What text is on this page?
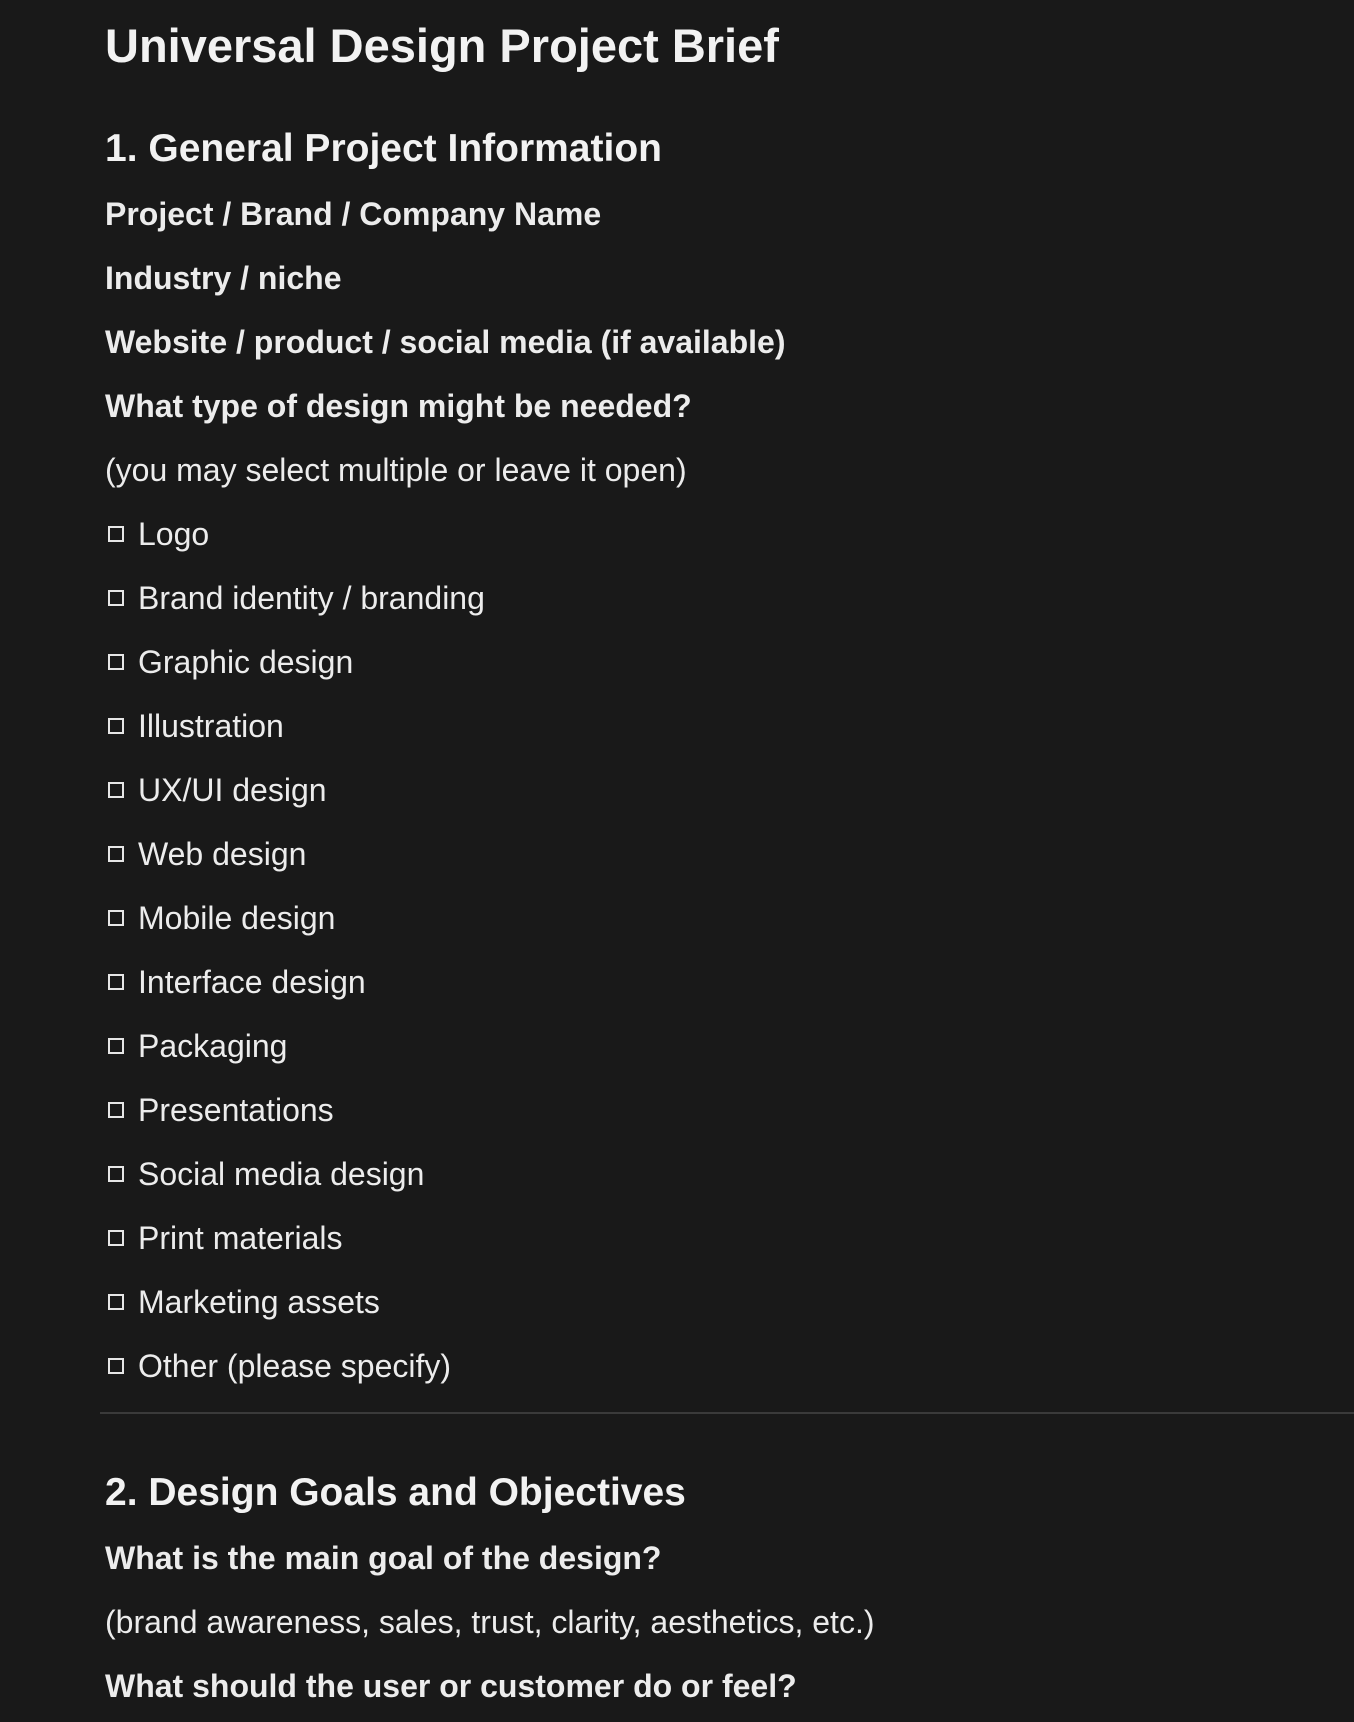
Universal Design Project Brief
1. General Project Information

Project / Brand / Company Name

Industry / niche

Website / product / social media (if available)

What type of design might be needed?

(you may select multiple or leave it open)

Logo
Brand identity / branding
Graphic design
Illustration
UX/UI design
Web design
Mobile design
Interface design
Packaging
Presentations
Social media design
Print materials
Marketing assets
Other (please specify)
2. Design Goals and Objectives

What is the main goal of the design?

(brand awareness, sales, trust, clarity, aesthetics, etc.)

What should the user or customer do or feel?
